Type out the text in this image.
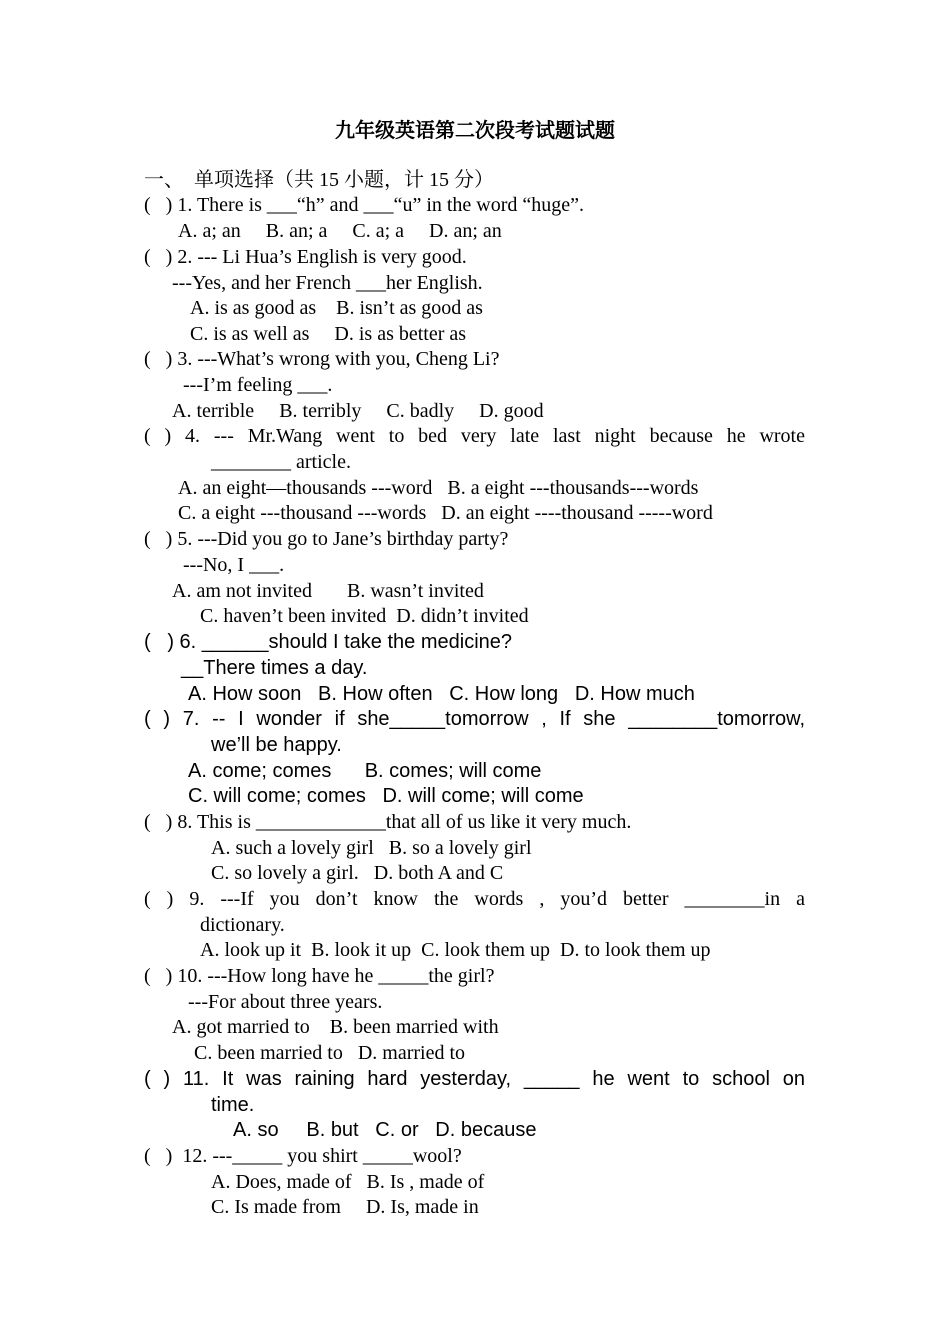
九年级英语第二次段考试题试题
一、  单项选择（共 15 小题，计 15 分）
(   ) 1. There is ___“h” and ___“u” in the word “huge”.
A. a; an     B. an; a     C. a; a     D. an; an
(   ) 2. --- Li Hua’s English is very good.
---Yes, and her French ___her English.
A. is as good as    B. isn’t as good as
C. is as well as     D. is as better as
(   ) 3. ---What’s wrong with you, Cheng Li?
---I’m feeling ___.
A. terrible     B. terribly     C. badly     D. good
( ) 4. --- Mr.Wang went to bed very late last night because he wrote
________ article.
A. an eight—thousands ---word   B. a eight ---thousands---words
C. a eight ---thousand ---words   D. an eight ----thousand -----word
(   ) 5. ---Did you go to Jane’s birthday party?
---No, I ___.
A. am not invited       B. wasn’t invited
C. haven’t been invited  D. didn’t invited
(   ) 6. ______should I take the medicine?
__There times a day.
A. How soon   B. How often   C. How long   D. How much
( ) 7. -- I wonder if she_____tomorrow , If she ________tomorrow,
we’ll be happy.
A. come; comes      B. comes; will come
C. will come; comes   D. will come; will come
(   ) 8. This is _____________that all of us like it very much.
A. such a lovely girl   B. so a lovely girl
C. so lovely a girl.   D. both A and C
( ) 9. ---If you don’t know the words , you’d better ________in a
dictionary.
A. look up it  B. look it up  C. look them up  D. to look them up
(   ) 10. ---How long have he _____the girl?
---For about three years.
A. got married to    B. been married with
C. been married to   D. married to
( ) 11. It was raining hard yesterday, _____ he went to school on
time.
A. so     B. but   C. or   D. because
(   )  12. ---_____ you shirt _____wool?
A. Does, made of   B. Is , made of
C. Is made from     D. Is, made in
